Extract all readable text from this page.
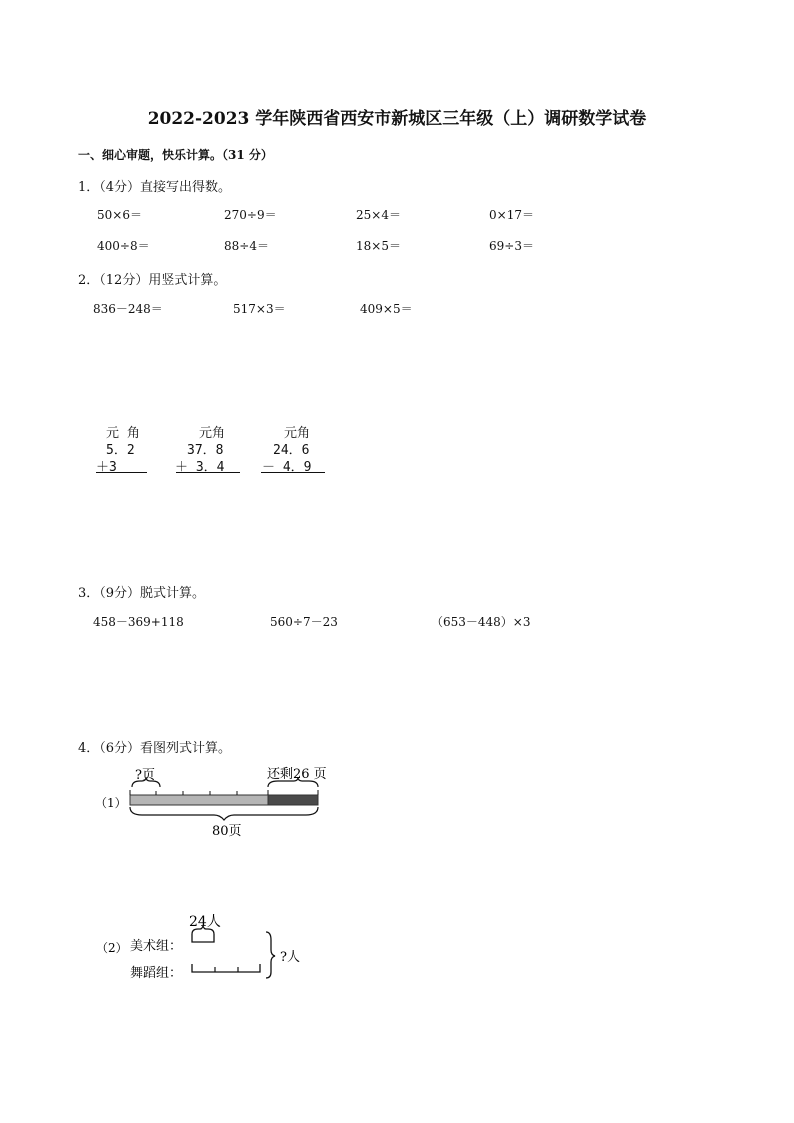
2022-2023 学年陕西省西安市新城区三年级（上）调研数学试卷
一、细心审题，快乐计算。（31 分）
1．（4分）直接写出得数。
50×6＝	270÷9＝	25×4＝	0×17＝
400÷8＝	88÷4＝	18×5＝	69÷3＝
2．（12分）用竖式计算。
836－248＝	517×3＝	409×5＝
元 角
5．2
＋3
元角
37．8
＋ 3．4
元角
24．6
－ 4．9
3．（9分）脱式计算。
458－369+118	560÷7－23	（653－448）×3
4．（6分）看图列式计算。
?页	还剩26 页
（1）
80页
24人
（2） 美术组：
舞蹈组：
?人
